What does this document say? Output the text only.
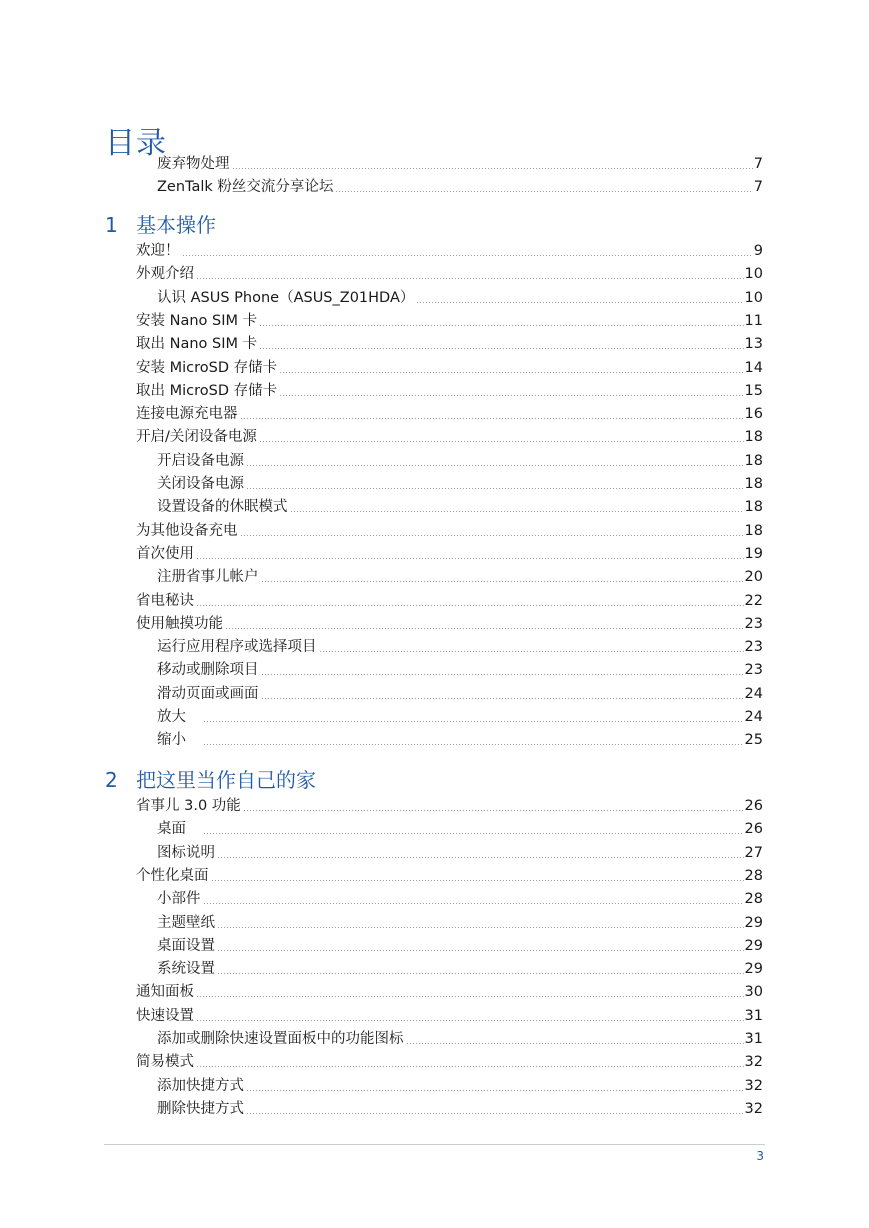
目录
废弃物处理	7
ZenTalk 粉丝交流分享论坛	7
1 基本操作
欢迎！	9
外观介绍	10
认识 ASUS Phone（ASUS_Z01HDA）	10
安装 Nano SIM 卡	11
取出 Nano SIM 卡	13
安装 MicroSD 存储卡	14
取出 MicroSD 存储卡	15
连接电源充电器	16
开启/关闭设备电源	18
开启设备电源	18
关闭设备电源	18
设置设备的休眠模式	18
为其他设备充电	18
首次使用	19
注册省事儿帐户	20
省电秘诀	22
使用触摸功能	23
运行应用程序或选择项目	23
移动或删除项目	23
滑动页面或画面	24
放大　	24
缩小　	25
2 把这里当作自己的家
省事儿 3.0 功能	26
桌面　	26
图标说明	27
个性化桌面	28
小部件	28
主题壁纸	29
桌面设置	29
系统设置	29
通知面板	30
快速设置	31
添加或删除快速设置面板中的功能图标	31
简易模式	32
添加快捷方式	32
删除快捷方式	32
3
